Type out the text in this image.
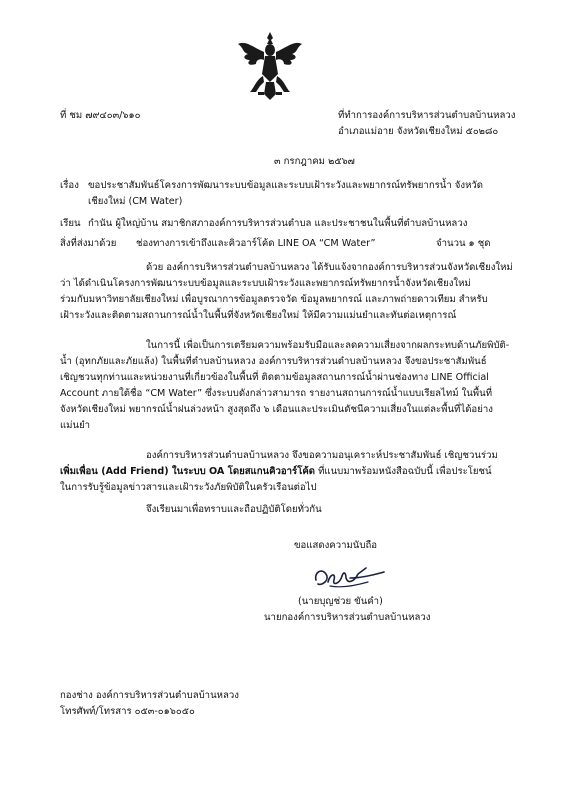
ที่ ชม ๗๙๔๐๓/๖๑๐	ที่ทำการองค์การบริหารส่วนตำบลบ้านหลวง
อำเภอแม่อาย จังหวัดเชียงใหม่ ๕๐๒๘๐
๓ กรกฎาคม ๒๕๖๗
เรื่อง ขอประชาสัมพันธ์โครงการพัฒนาระบบข้อมูลและระบบเฝ้าระวังและพยากรณ์ทรัพยากรน้ำ จังหวัด
เชียงใหม่ (CM Water)
เรียน กำนัน ผู้ใหญ่บ้าน สมาชิกสภาองค์การบริหารส่วนตำบล และประชาชนในพื้นที่ตำบลบ้านหลวง
สิ่งที่ส่งมาด้วย ช่องทางการเข้าถึงและคิวอาร์โค้ด LINE OA “CM Water”	จำนวน ๑ ชุด
ด้วย องค์การบริหารส่วนตำบลบ้านหลวง ได้รับแจ้งจากองค์การบริหารส่วนจังหวัดเชียงใหม่
ว่า ได้ดำเนินโครงการพัฒนาระบบข้อมูลและระบบเฝ้าระวังและพยากรณ์ทรัพยากรน้ำจังหวัดเชียงใหม่
ร่วมกับมหาวิทยาลัยเชียงใหม่ เพื่อบูรณาการข้อมูลตรวจวัด ข้อมูลพยากรณ์ และภาพถ่ายดาวเทียม สำหรับ
เฝ้าระวังและติดตามสถานการณ์น้ำในพื้นที่จังหวัดเชียงใหม่ ให้มีความแม่นยำและทันต่อเหตุการณ์
ในการนี้ เพื่อเป็นการเตรียมความพร้อมรับมือและลดความเสี่ยงจากผลกระทบด้านภัยพิบัติ-
น้ำ (อุทกภัยและภัยแล้ง) ในพื้นที่ตำบลบ้านหลวง องค์การบริหารส่วนตำบลบ้านหลวง จึงขอประชาสัมพันธ์
เชิญชวนทุกท่านและหน่วยงานที่เกี่ยวข้องในพื้นที่ ติดตามข้อมูลสถานการณ์น้ำผ่านช่องทาง LINE Official
Account ภายใต้ชื่อ “CM Water” ซึ่งระบบดังกล่าวสามารถ รายงานสถานการณ์น้ำแบบเรียลไทม์ ในพื้นที่
จังหวัดเชียงใหม่ พยากรณ์น้ำฝนล่วงหน้า สูงสุดถึง ๖ เดือนและประเมินดัชนีความเสี่ยงในแต่ละพื้นที่ได้อย่าง
แม่นยำ
องค์การบริหารส่วนตำบลบ้านหลวง จึงขอความอนุเคราะห์ประชาสัมพันธ์ เชิญชวนร่วม
เพิ่มเพื่อน (Add Friend) ในระบบ OA โดยสแกนคิวอาร์โค้ด ที่แนบมาพร้อมหนังสือฉบับนี้ เพื่อประโยชน์
ในการรับรู้ข้อมูลข่าวสารและเฝ้าระวังภัยพิบัติในครัวเรือนต่อไป
จึงเรียนมาเพื่อทราบและถือปฏิบัติโดยทั่วกัน
ขอแสดงความนับถือ
(นายบุญช่วย ขันคำ)
นายกองค์การบริหารส่วนตำบลบ้านหลวง
กองช่าง องค์การบริหารส่วนตำบลบ้านหลวง
โทรศัพท์/โทรสาร ๐๕๓-๐๑๖๐๕๐
